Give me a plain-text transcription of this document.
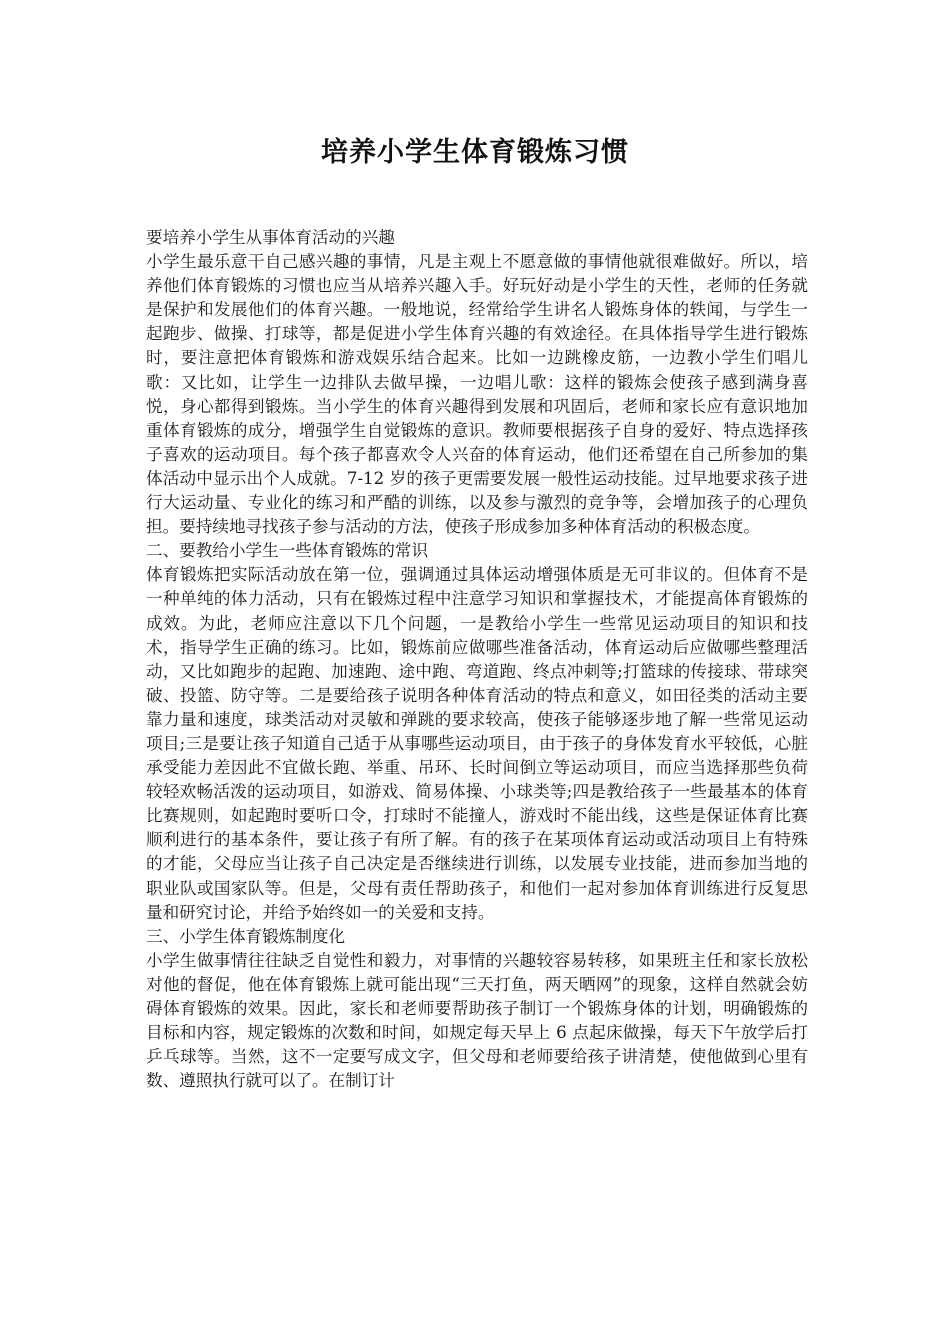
培养小学生体育锻炼习惯

要培养小学生从事体育活动的兴趣

小学生最乐意干自己感兴趣的事情，凡是主观上不愿意做的事情他就很难做好。所以，培养他们体育锻炼的习惯也应当从培养兴趣入手。好玩好动是小学生的天性，老师的任务就是保护和发展他们的体育兴趣。一般地说，经常给学生讲名人锻炼身体的轶闻，与学生一起跑步、做操、打球等，都是促进小学生体育兴趣的有效途径。在具体指导学生进行锻炼时，要注意把体育锻炼和游戏娱乐结合起来。比如一边跳橡皮筋，一边教小学生们唱儿歌：又比如，让学生一边排队去做早操，一边唱儿歌：这样的锻炼会使孩子感到满身喜悦，身心都得到锻炼。当小学生的体育兴趣得到发展和巩固后，老师和家长应有意识地加重体育锻炼的成分，增强学生自觉锻炼的意识。教师要根据孩子自身的爱好、特点选择孩子喜欢的运动项目。每个孩子都喜欢令人兴奋的体育运动，他们还希望在自己所参加的集体活动中显示出个人成就。7-12 岁的孩子更需要发展一般性运动技能。过早地要求孩子进行大运动量、专业化的练习和严酷的训练，以及参与激烈的竞争等，会增加孩子的心理负担。要持续地寻找孩子参与活动的方法，使孩子形成参加多种体育活动的积极态度。

二、要教给小学生一些体育锻炼的常识

体育锻炼把实际活动放在第一位，强调通过具体运动增强体质是无可非议的。但体育不是一种单纯的体力活动，只有在锻炼过程中注意学习知识和掌握技术，才能提高体育锻炼的成效。为此，老师应注意以下几个问题，一是教给小学生一些常见运动项目的知识和技术，指导学生正确的练习。比如，锻炼前应做哪些准备活动，体育运动后应做哪些整理活动，又比如跑步的起跑、加速跑、途中跑、弯道跑、终点冲刺等;打篮球的传接球、带球突破、投篮、防守等。二是要给孩子说明各种体育活动的特点和意义，如田径类的活动主要靠力量和速度，球类活动对灵敏和弹跳的要求较高，使孩子能够逐步地了解一些常见运动项目;三是要让孩子知道自己适于从事哪些运动项目，由于孩子的身体发育水平较低，心脏承受能力差因此不宜做长跑、举重、吊环、长时间倒立等运动项目，而应当选择那些负荷较轻欢畅活泼的运动项目，如游戏、简易体操、小球类等;四是教给孩子一些最基本的体育比赛规则，如起跑时要听口令，打球时不能撞人，游戏时不能出线，这些是保证体育比赛顺利进行的基本条件，要让孩子有所了解。有的孩子在某项体育运动或活动项目上有特殊的才能，父母应当让孩子自己决定是否继续进行训练，以发展专业技能，进而参加当地的职业队或国家队等。但是，父母有责任帮助孩子，和他们一起对参加体育训练进行反复思量和研究讨论，并给予始终如一的关爱和支持。

三、小学生体育锻炼制度化

小学生做事情往往缺乏自觉性和毅力，对事情的兴趣较容易转移，如果班主任和家长放松对他的督促，他在体育锻炼上就可能出现“三天打鱼，两天晒网”的现象，这样自然就会妨碍体育锻炼的效果。因此，家长和老师要帮助孩子制订一个锻炼身体的计划，明确锻炼的目标和内容，规定锻炼的次数和时间，如规定每天早上 6 点起床做操，每天下午放学后打乒乓球等。当然，这不一定要写成文字，但父母和老师要给孩子讲清楚，使他做到心里有数、遵照执行就可以了。在制订计
